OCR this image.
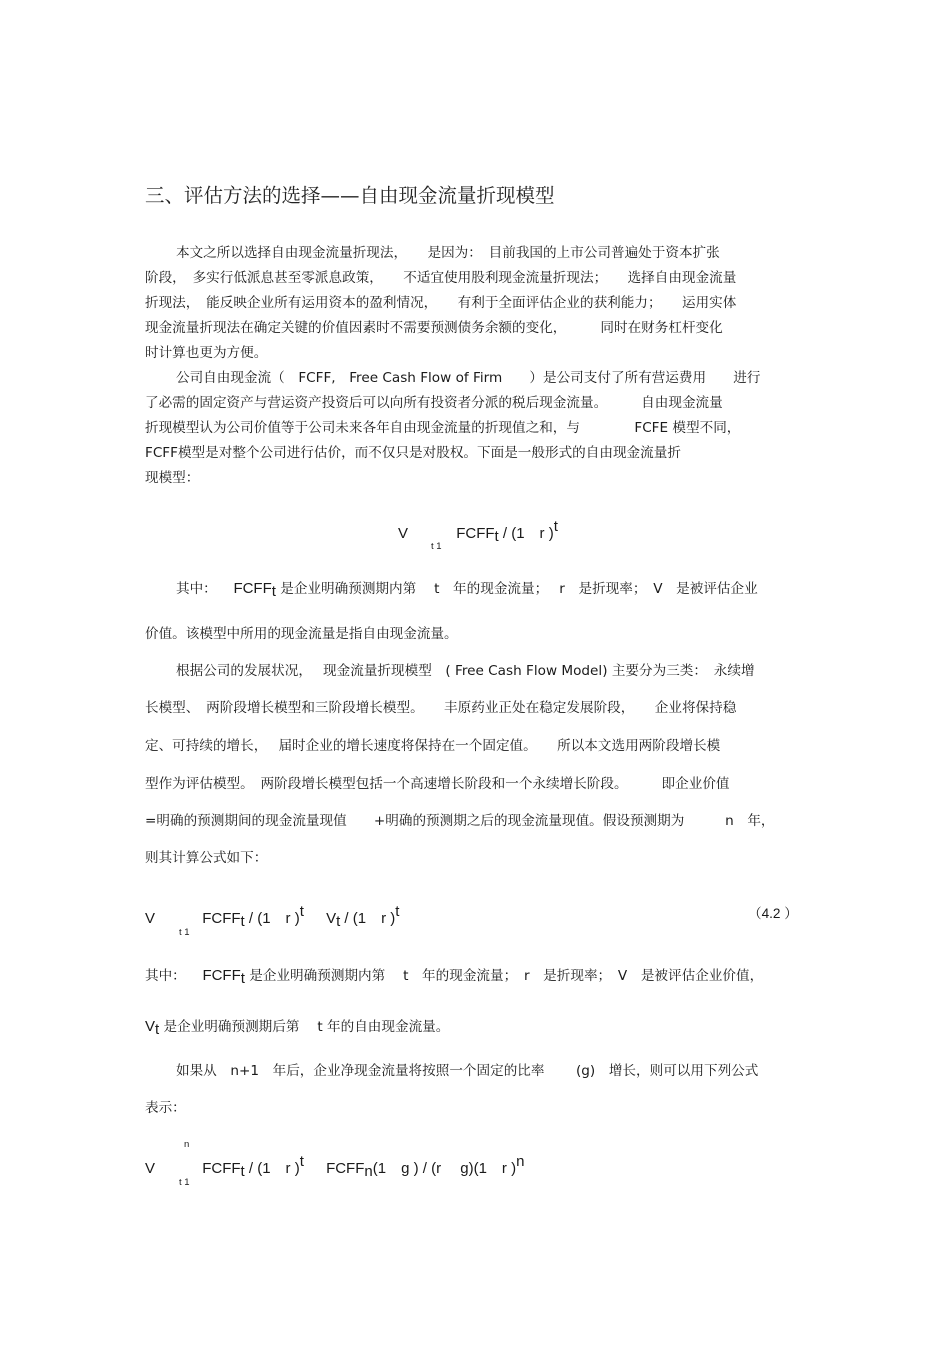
三、评估方法的选择——自由现金流量折现模型
本文之所以选择自由现金流量折现法，　　是因为：　目前我国的上市公司普遍处于资本扩张
阶段，　多实行低派息甚至零派息政策，　　不适宜使用股利现金流量折现法；　　选择自由现金流量
折现法，　能反映企业所有运用资本的盈利情况，　　有利于全面评估企业的获利能力；　　运用实体
现金流量折现法在确定关键的价值因素时不需要预测债务余额的变化，　　　同时在财务杠杆变化
时计算也更为方便。
公司自由现金流（　FCFF,　Free Cash Flow of Firm　　）是公司支付了所有营运费用　　进行
了必需的固定资产与营运资产投资后可以向所有投资者分派的税后现金流量。　　　自由现金流量
折现模型认为公司价值等于公司未来各年自由现金流量的折现值之和，与　　　　FCFE 模型不同，
FCFF模型是对整个公司进行估价，而不仅只是对股权。下面是一般形式的自由现金流量折
现模型：
V	FCFFt / (1　r )t
t 1
其中： FCFFt 是企业明确预测期内第　 t　年的现金流量；　 r　是折现率；　V　是被评估企业
价值。该模型中所用的现金流量是指自由现金流量。
根据公司的发展状况，　 现金流量折现模型　( Free Cash Flow Model) 主要分为三类：　永续增
长模型、　两阶段增长模型和三阶段增长模型。　　丰原药业正处在稳定发展阶段，　　企业将保持稳
定、可持续的增长，　 届时企业的增长速度将保持在一个固定值。　　所以本文选用两阶段增长模
型作为评估模型。　两阶段增长模型包括一个高速增长阶段和一个永续增长阶段。　　　即企业价值
=明确的预测期间的现金流量现值　　+明确的预测期之后的现金流量现值。假设预测期为　　　n　年，
则其计算公式如下：
V	FCFFt / (1　r )t Vt / (1　r )t
t 1
（4.2 ）
其中： FCFFt 是企业明确预测期内第　 t　年的现金流量；　r　是折现率；　V　是被评估企业价值，
Vt 是企业明确预测期后第　 t 年的自由现金流量。
如果从　n+1　年后，企业净现金流量将按照一个固定的比率　　 (g)　增长，则可以用下列公式
表示：
n
V	FCFFt / (1　r )t FCFFn(1　g ) / (r　 g)(1　r )n
t 1
